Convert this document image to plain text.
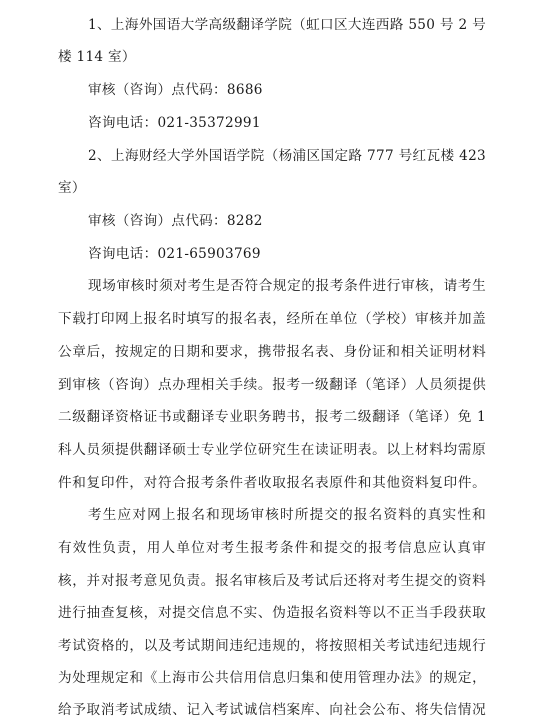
1、上海外国语大学高级翻译学院（虹口区大连西路 550 号 2 号
楼 114 室）
审核（咨询）点代码：8686
咨询电话：021-35372991
2、上海财经大学外国语学院（杨浦区国定路 777 号红瓦楼 423
室）
审核（咨询）点代码：8282
咨询电话：021-65903769
现场审核时须对考生是否符合规定的报考条件进行审核，请考生
下载打印网上报名时填写的报名表，经所在单位（学校）审核并加盖
公章后，按规定的日期和要求，携带报名表、身份证和相关证明材料
到审核（咨询）点办理相关手续。报考一级翻译（笔译）人员须提供
二级翻译资格证书或翻译专业职务聘书，报考二级翻译（笔译）免 1
科人员须提供翻译硕士专业学位研究生在读证明表。以上材料均需原
件和复印件，对符合报考条件者收取报名表原件和其他资料复印件。
考生应对网上报名和现场审核时所提交的报名资料的真实性和
有效性负责，用人单位对考生报考条件和提交的报考信息应认真审
核，并对报考意见负责。报名审核后及考试后还将对考生提交的资料
进行抽查复核，对提交信息不实、伪造报名资料等以不正当手段获取
考试资格的，以及考试期间违纪违规的，将按照相关考试违纪违规行
为处理规定和《上海市公共信用信息归集和使用管理办法》的规定，
给予取消考试成绩、记入考试诚信档案库、向社会公布、将失信情况
